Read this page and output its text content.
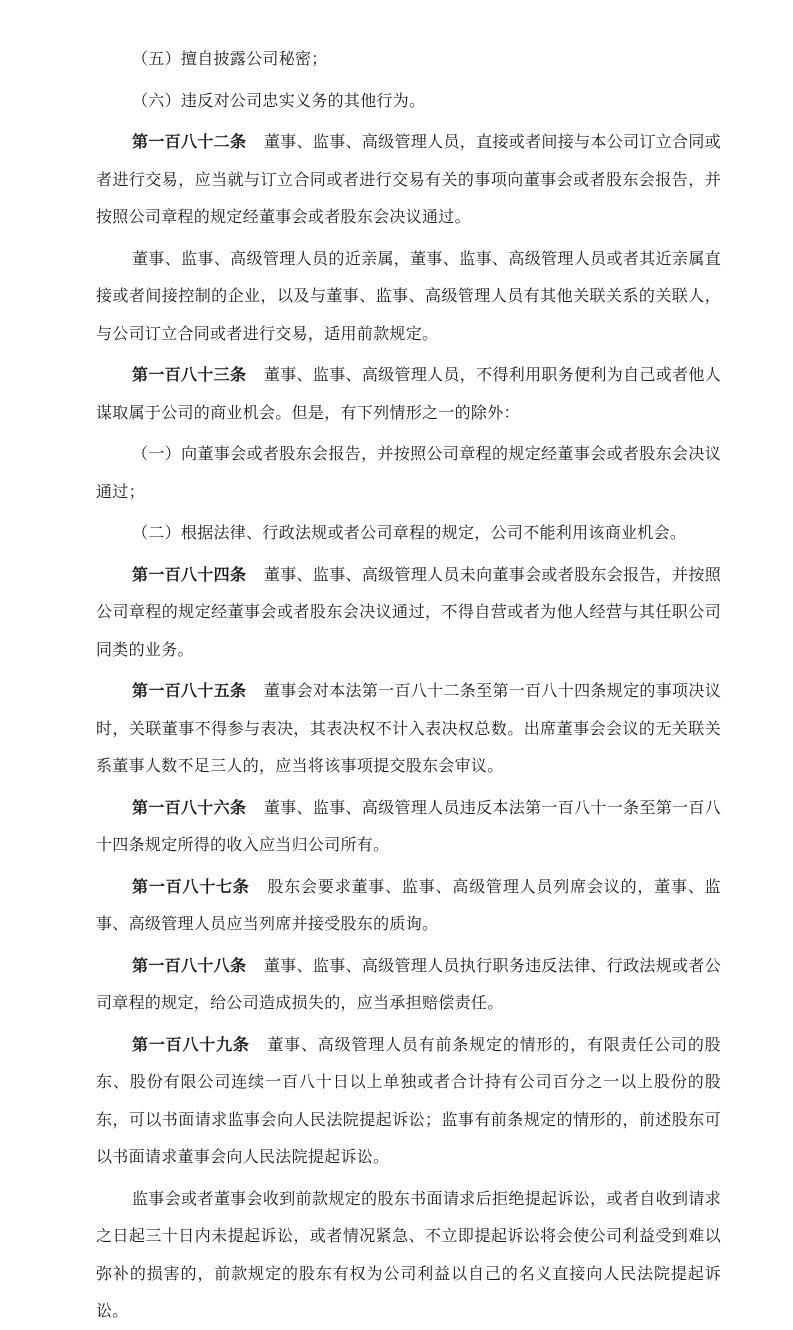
（五）擅自披露公司秘密；

（六）违反对公司忠实义务的其他行为。

第一百八十二条 董事、监事、高级管理人员，直接或者间接与本公司订立合同或者进行交易，应当就与订立合同或者进行交易有关的事项向董事会或者股东会报告，并按照公司章程的规定经董事会或者股东会决议通过。

董事、监事、高级管理人员的近亲属，董事、监事、高级管理人员或者其近亲属直接或者间接控制的企业，以及与董事、监事、高级管理人员有其他关联关系的关联人，与公司订立合同或者进行交易，适用前款规定。

第一百八十三条 董事、监事、高级管理人员，不得利用职务便利为自己或者他人谋取属于公司的商业机会。但是，有下列情形之一的除外：

（一）向董事会或者股东会报告，并按照公司章程的规定经董事会或者股东会决议通过；

（二）根据法律、行政法规或者公司章程的规定，公司不能利用该商业机会。

第一百八十四条 董事、监事、高级管理人员未向董事会或者股东会报告，并按照公司章程的规定经董事会或者股东会决议通过，不得自营或者为他人经营与其任职公司同类的业务。

第一百八十五条 董事会对本法第一百八十二条至第一百八十四条规定的事项决议时，关联董事不得参与表决，其表决权不计入表决权总数。出席董事会会议的无关联关系董事人数不足三人的，应当将该事项提交股东会审议。

第一百八十六条 董事、监事、高级管理人员违反本法第一百八十一条至第一百八十四条规定所得的收入应当归公司所有。

第一百八十七条 股东会要求董事、监事、高级管理人员列席会议的，董事、监事、高级管理人员应当列席并接受股东的质询。

第一百八十八条 董事、监事、高级管理人员执行职务违反法律、行政法规或者公司章程的规定，给公司造成损失的，应当承担赔偿责任。

第一百八十九条 董事、高级管理人员有前条规定的情形的，有限责任公司的股东、股份有限公司连续一百八十日以上单独或者合计持有公司百分之一以上股份的股东，可以书面请求监事会向人民法院提起诉讼；监事有前条规定的情形的，前述股东可以书面请求董事会向人民法院提起诉讼。

监事会或者董事会收到前款规定的股东书面请求后拒绝提起诉讼，或者自收到请求之日起三十日内未提起诉讼，或者情况紧急、不立即提起诉讼将会使公司利益受到难以弥补的损害的，前款规定的股东有权为公司利益以自己的名义直接向人民法院提起诉讼。
